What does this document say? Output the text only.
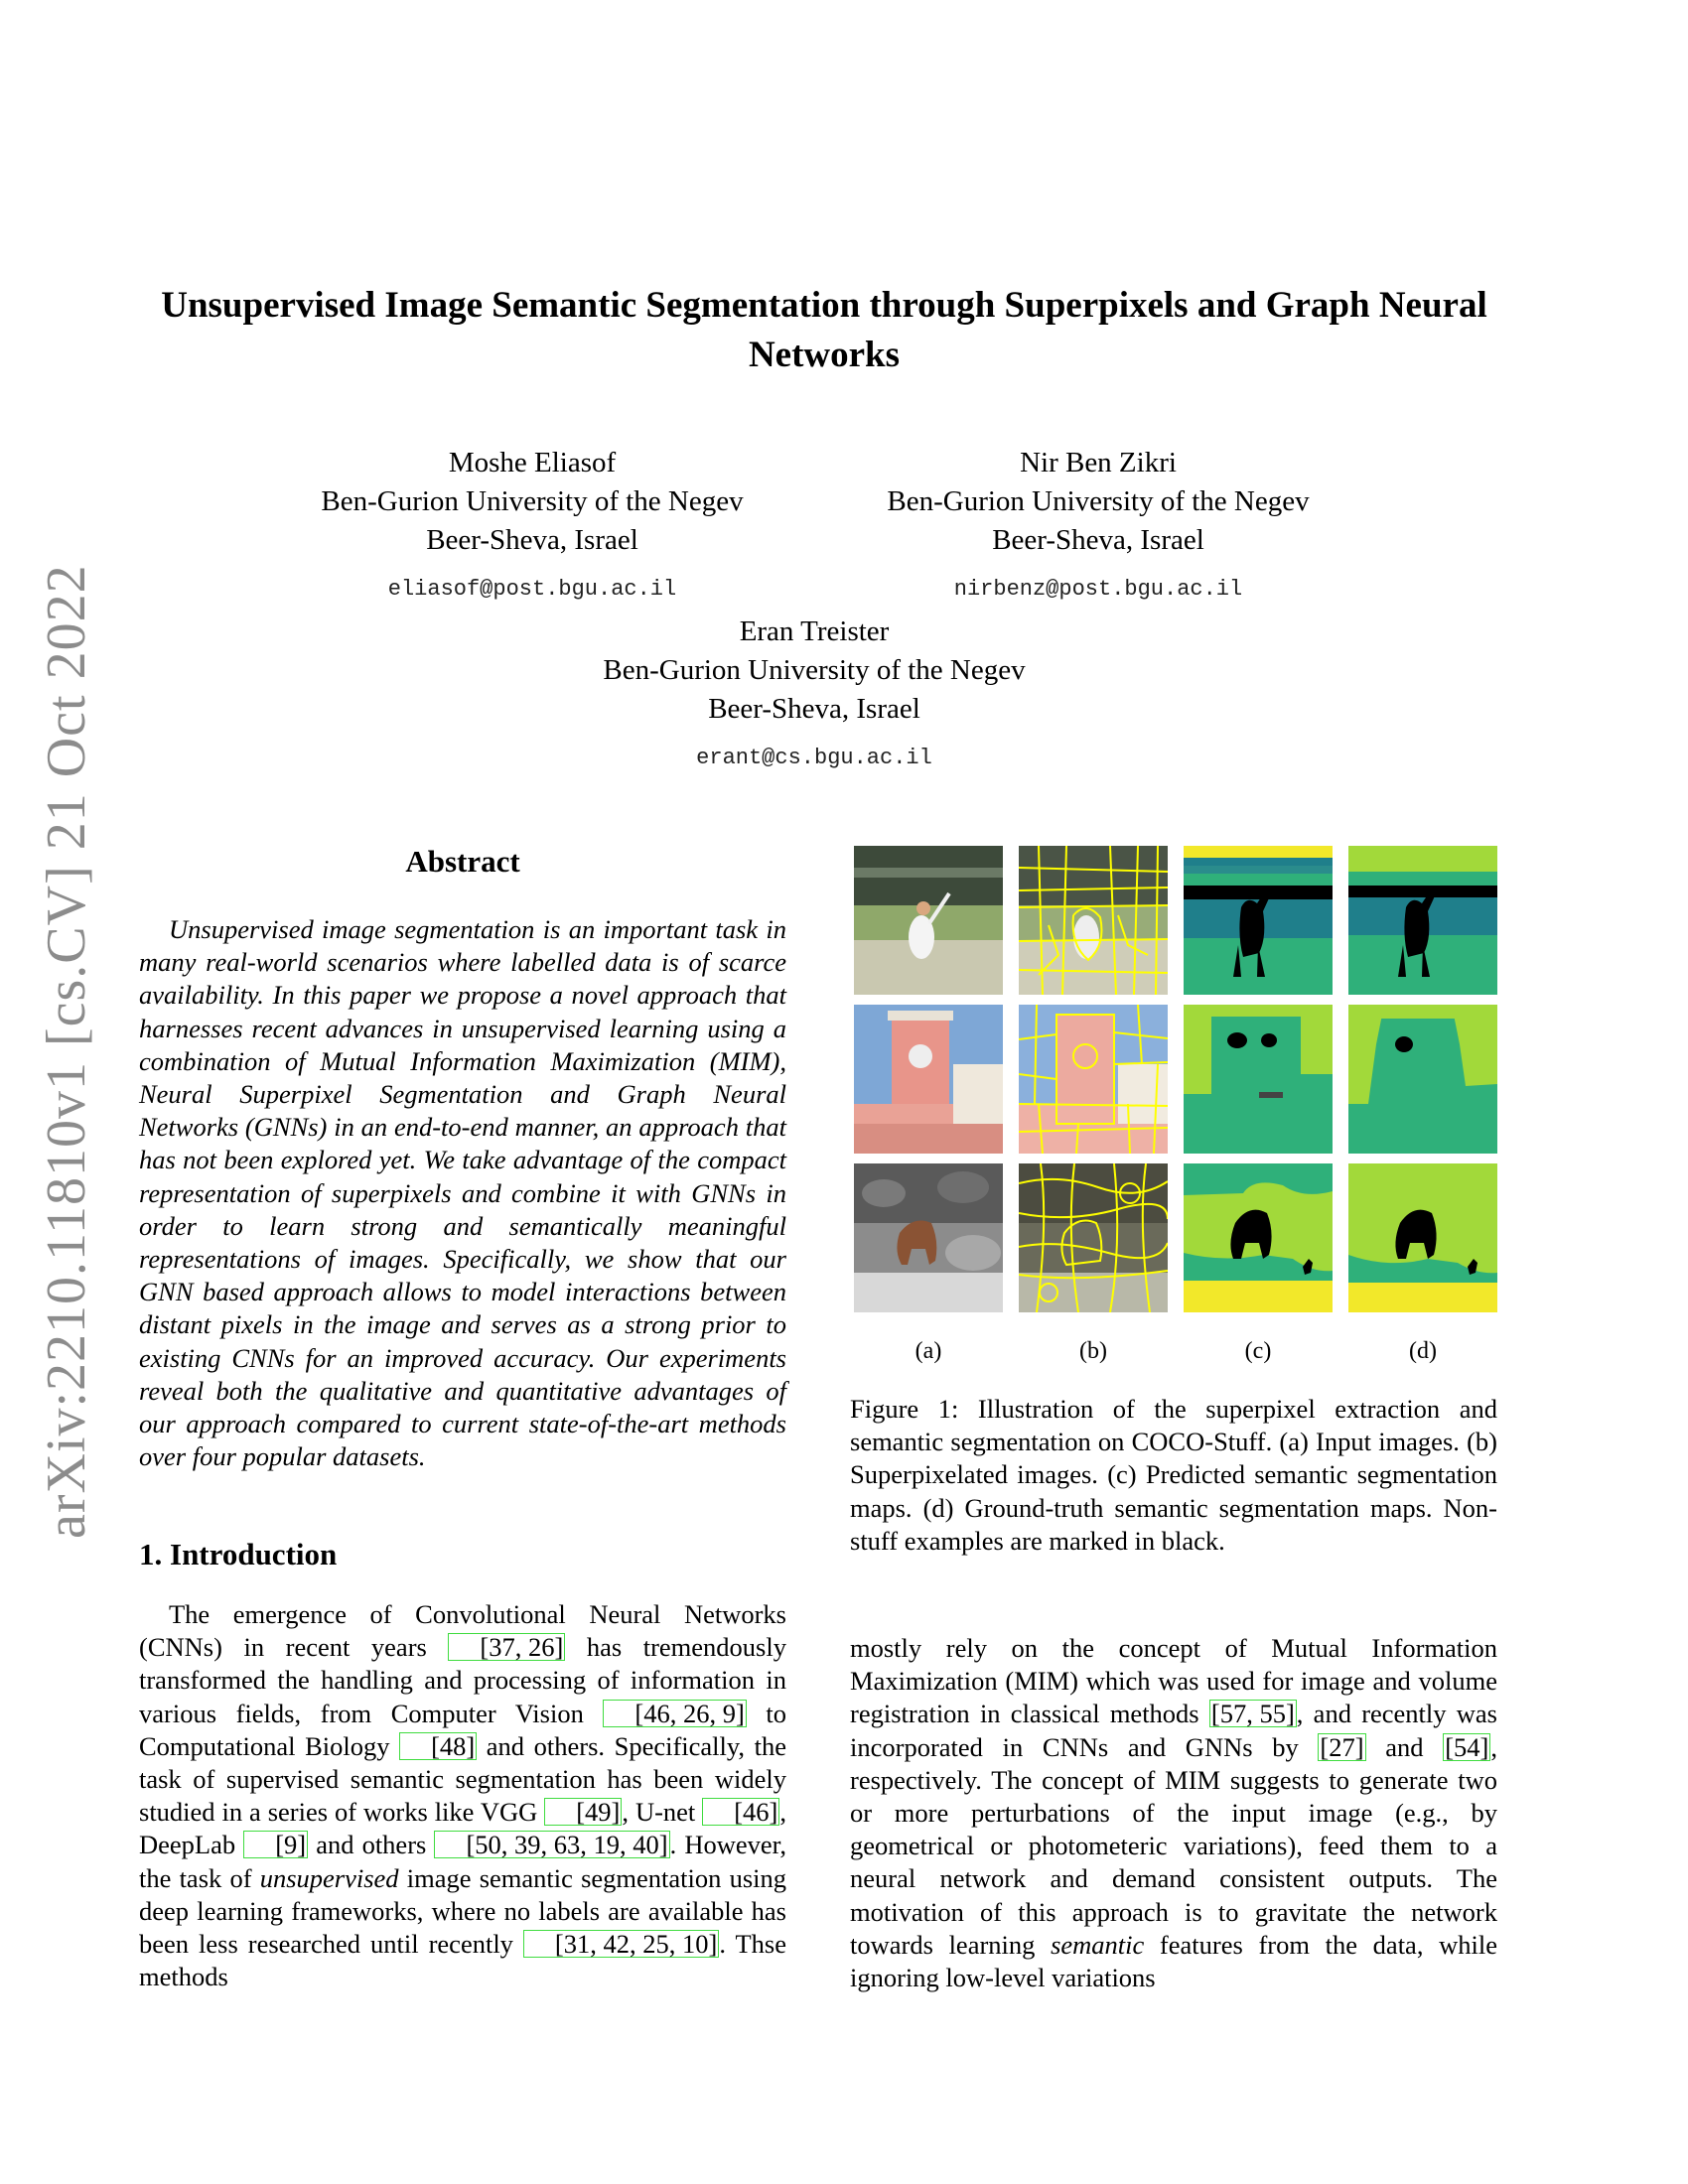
arXiv:2210.11810v1 [cs.CV] 21 Oct 2022
Unsupervised Image Semantic Segmentation through Superpixels and Graph Neural Networks
Moshe Eliasof
Ben-Gurion University of the Negev
Beer-Sheva, Israel
eliasof@post.bgu.ac.il
Nir Ben Zikri
Ben-Gurion University of the Negev
Beer-Sheva, Israel
nirbenz@post.bgu.ac.il
Eran Treister
Ben-Gurion University of the Negev
Beer-Sheva, Israel
erant@cs.bgu.ac.il
Abstract
Unsupervised image segmentation is an important task in many real-world scenarios where labelled data is of scarce availability. In this paper we propose a novel approach that harnesses recent advances in unsupervised learning using a combination of Mutual Information Maximization (MIM), Neural Superpixel Segmentation and Graph Neural Networks (GNNs) in an end-to-end manner, an approach that has not been explored yet. We take advantage of the compact representation of superpixels and combine it with GNNs in order to learn strong and semantically meaningful representations of images. Specifically, we show that our GNN based approach allows to model interactions between distant pixels in the image and serves as a strong prior to existing CNNs for an improved accuracy. Our experiments reveal both the qualitative and quantitative advantages of our approach compared to current state-of-the-art methods over four popular datasets.
1. Introduction
The emergence of Convolutional Neural Networks (CNNs) in recent years [37, 26] has tremendously transformed the handling and processing of information in various fields, from Computer Vision [46, 26, 9] to Computational Biology [48] and others. Specifically, the task of supervised semantic segmentation has been widely studied in a series of works like VGG [49], U-net [46], DeepLab [9] and others [50, 39, 63, 19, 40]. However, the task of unsupervised image semantic segmentation using deep learning frameworks, where no labels are available has been less researched until recently [31, 42, 25, 10]. Thse methods
mostly rely on the concept of Mutual Information Maximization (MIM) which was used for image and volume registration in classical methods [57, 55], and recently was incorporated in CNNs and GNNs by [27] and [54], respectively. The concept of MIM suggests to generate two or more perturbations of the input image (e.g., by geometrical or photometeric variations), feed them to a neural network and demand consistent outputs. The motivation of this approach is to gravitate the network towards learning semantic features from the data, while ignoring low-level variations
(a)	(b)	(c)	(d)
Figure 1: Illustration of the superpixel extraction and semantic segmentation on COCO-Stuff. (a) Input images. (b) Superpixelated images. (c) Predicted semantic segmentation maps. (d) Ground-truth semantic segmentation maps. Non-stuff examples are marked in black.
